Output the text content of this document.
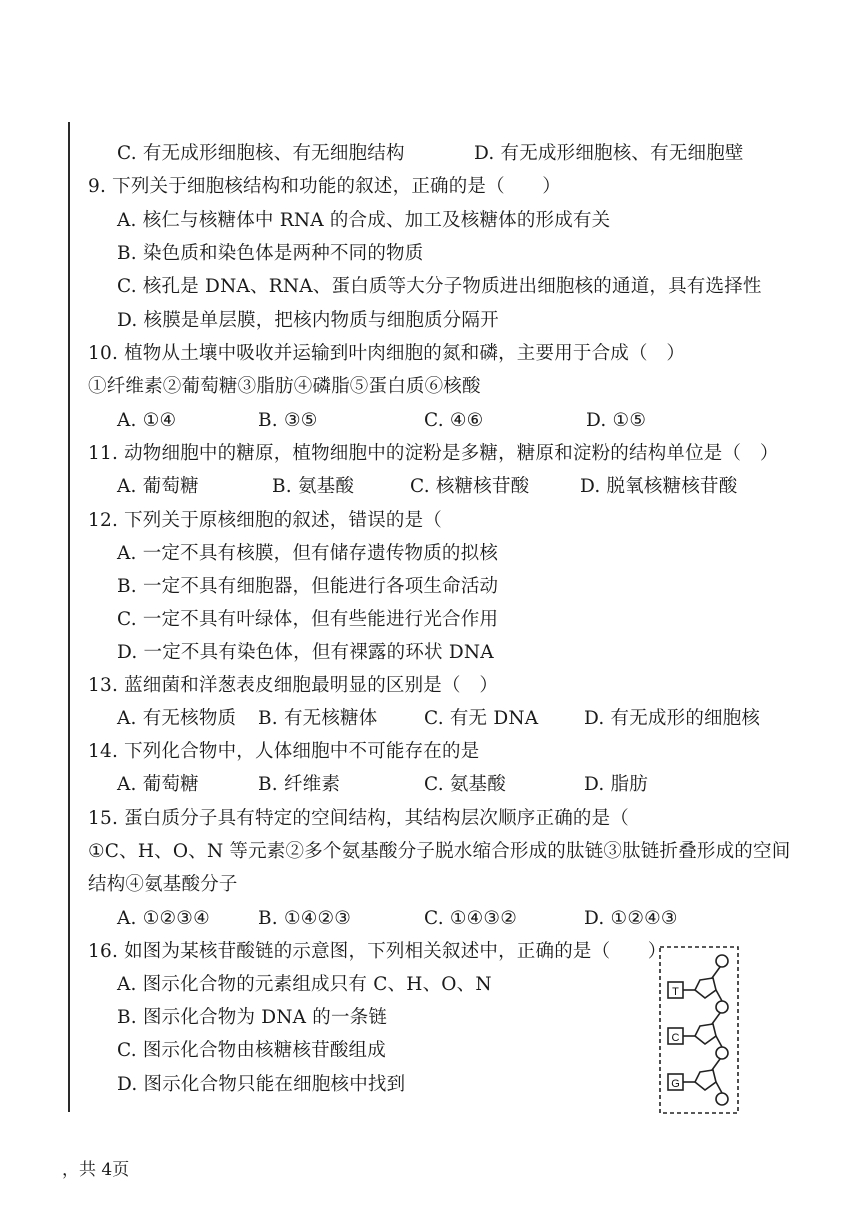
C. 有无成形细胞核、有无细胞结构	D. 有无成形细胞核、有无细胞壁
9. 下列关于细胞核结构和功能的叙述，正确的是（　　）
A. 核仁与核糖体中 RNA 的合成、加工及核糖体的形成有关
B. 染色质和染色体是两种不同的物质
C. 核孔是 DNA、RNA、蛋白质等大分子物质进出细胞核的通道，具有选择性
D. 核膜是单层膜，把核内物质与细胞质分隔开
10. 植物从土壤中吸收并运输到叶肉细胞的氮和磷，主要用于合成（　）
①纤维素②葡萄糖③脂肪④磷脂⑤蛋白质⑥核酸
A. ①④	B. ③⑤	C. ④⑥	D. ①⑤
11. 动物细胞中的糖原，植物细胞中的淀粉是多糖，糖原和淀粉的结构单位是（　）
A. 葡萄糖	B. 氨基酸	C. 核糖核苷酸	D. 脱氧核糖核苷酸
12. 下列关于原核细胞的叙述，错误的是（
A. 一定不具有核膜，但有储存遗传物质的拟核
B. 一定不具有细胞器，但能进行各项生命活动
C. 一定不具有叶绿体，但有些能进行光合作用
D. 一定不具有染色体，但有裸露的环状 DNA
13. 蓝细菌和洋葱表皮细胞最明显的区别是（　）
A. 有无核物质 B. 有无核糖体	C. 有无 DNA D. 有无成形的细胞核
14. 下列化合物中，人体细胞中不可能存在的是
A. 葡萄糖	B. 纤维素	C. 氨基酸	D. 脂肪
15. 蛋白质分子具有特定的空间结构，其结构层次顺序正确的是（
①C、H、O、N 等元素②多个氨基酸分子脱水缩合形成的肽链③肽链折叠形成的空间
结构④氨基酸分子
A. ①②③④	B. ①④②③	C. ①④③②	D. ①②④③
16. 如图为某核苷酸链的示意图，下列相关叙述中，正确的是（　　）
A. 图示化合物的元素组成只有 C、H、O、N
B. 图示化合物为 DNA 的一条链
C. 图示化合物由核糖核苷酸组成
D. 图示化合物只能在细胞核中找到
T
C
G
，共 4页
